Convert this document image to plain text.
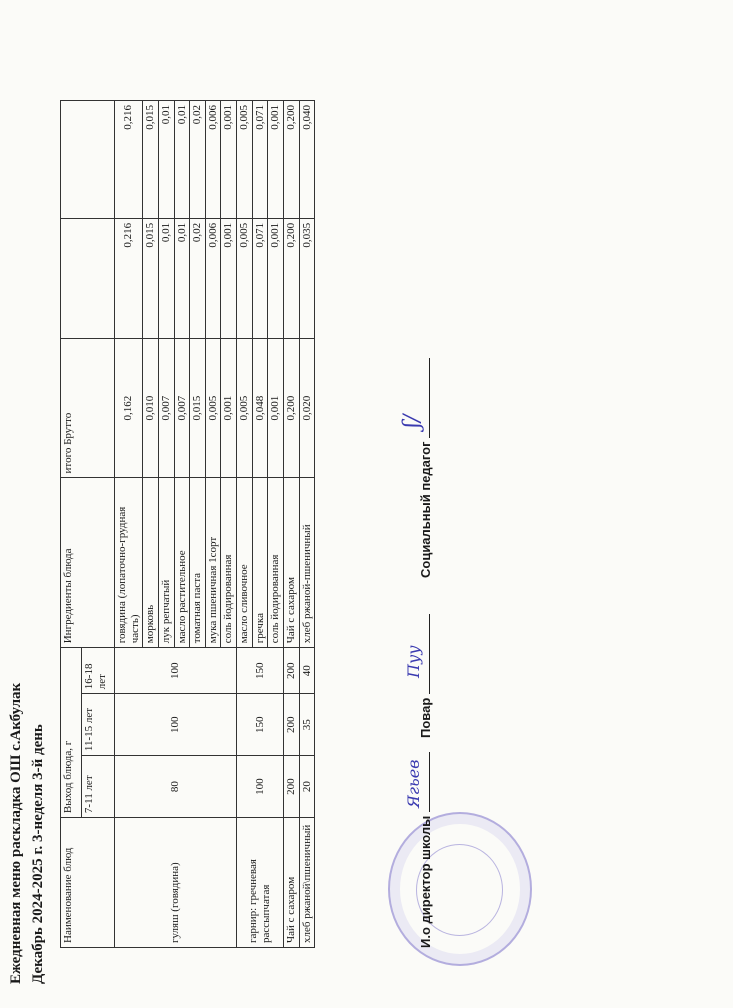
Ежедневная меню раскладка ОШ с.Акбулак Декабрь 2024-2025 г. 3-неделя 3-й день Наименование блюд	Выход блюда, г			Ингредиенты блюда	итого Брутто		
	7-11 лет	11-15 лет	16-18 лет				
гуляш (говядина)	80	100	100	говядина (лопаточно-грудная часть)	0,162	0,216	0,216
				морковь	0,010	0,015	0,015
				лук репчатый	0,007	0,01	0,01
				масло растительное	0,007	0,01	0,01
				томатная паста	0,015	0,02	0,02
				мука пшеничная 1сорт	0,005	0,006	0,006
				соль йодированная	0,001	0,001	0,001
гарнир: гречневая рассыпчатая	100	150	150	масло сливочное	0,005	0,005	0,005
				гречка	0,048	0,071	0,071
				соль йодированная	0,001	0,001	0,001
Чай с сахаром	200	200	200	Чай с сахаром	0,200	0,200	0,200
хлеб ржаной\пшеничный	20	35	40	хлеб ржаной-пшеничный	0,020	0,035	0,040
И.о директор школы
Ягьев
Повар
Пуу
Социальный педагог
ʃ/
